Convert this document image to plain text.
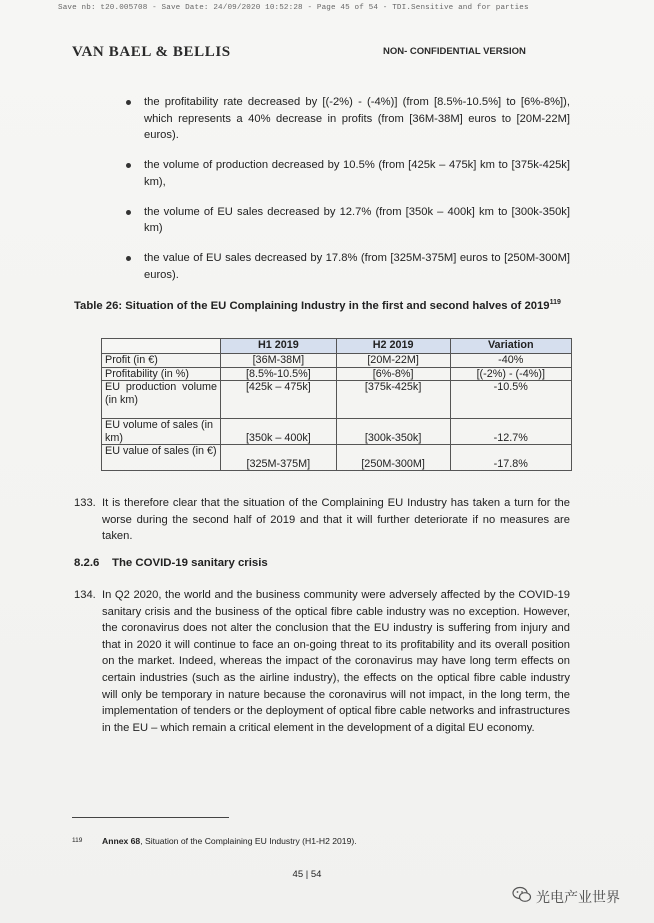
Save nb: t20.005708 - Save Date: 24/09/2020 10:52:28 - Page 45 of 54 - TDI.Sensitive and for parties
VAN BAEL & BELLIS	NON- CONFIDENTIAL VERSION
the profitability rate decreased by [(-2%) - (-4%)] (from [8.5%-10.5%] to [6%-8%]), which represents a 40% decrease in profits (from [36M-38M] euros to [20M-22M] euros).
the volume of production decreased by 10.5% (from [425k – 475k] km to [375k-425k] km),
the volume of EU sales decreased by 12.7% (from [350k – 400k] km to [300k-350k] km)
the value of EU sales decreased by 17.8% (from [325M-375M] euros to [250M-300M] euros).
Table 26: Situation of the EU Complaining Industry in the first and second halves of 2019$^{119}$
	H1 2019	H2 2019	Variation
Profit (in €)	[36M-38M]	[20M-22M]	-40%
Profitability (in %)	[8.5%-10.5%]	[6%-8%]	[(-2%) - (-4%)]
EU production volume (in km)	[425k – 475k]	[375k-425k]	-10.5%
EU volume of sales (in km)	[350k – 400k]	[300k-350k]	-12.7%
EU value of sales (in €)	[325M-375M]	[250M-300M]	-17.8%
133. It is therefore clear that the situation of the Complaining EU Industry has taken a turn for the worse during the second half of 2019 and that it will further deteriorate if no measures are taken.
8.2.6 The COVID-19 sanitary crisis
134. In Q2 2020, the world and the business community were adversely affected by the COVID-19 sanitary crisis and the business of the optical fibre cable industry was no exception. However, the coronavirus does not alter the conclusion that the EU industry is suffering from injury and that in 2020 it will continue to face an on-going threat to its profitability and its overall position on the market. Indeed, whereas the impact of the coronavirus may have long term effects on certain industries (such as the airline industry), the effects on the optical fibre cable industry will only be temporary in nature because the coronavirus will not impact, in the long term, the implementation of tenders or the deployment of optical fibre cable networks and infrastructures in the EU – which remain a critical element in the development of a digital EU economy.
119 Annex 68, Situation of the Complaining EU Industry (H1-H2 2019).
45 | 54
光电产业世界
